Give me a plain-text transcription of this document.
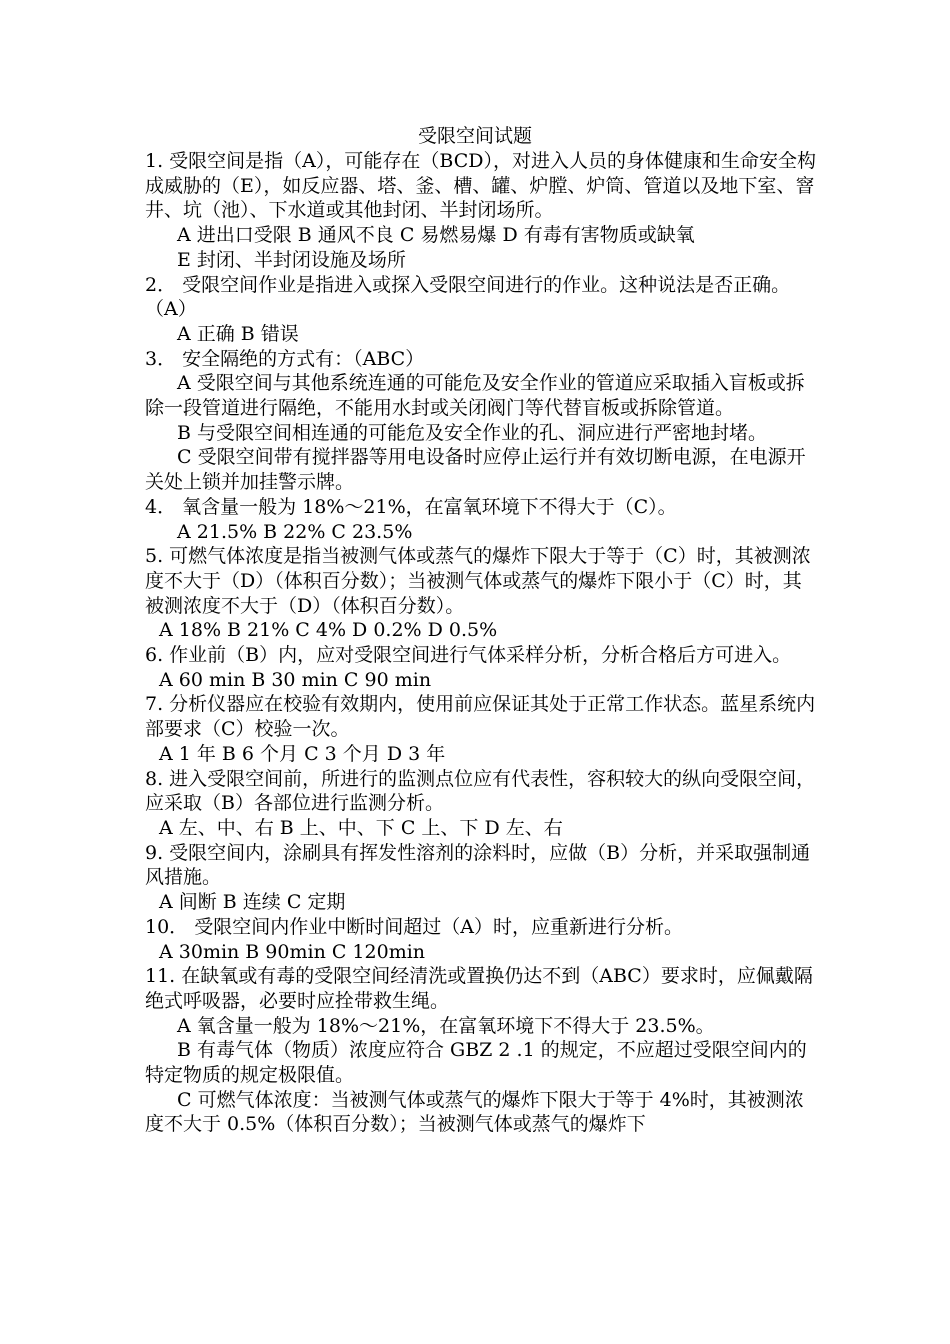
受限空间试题

1. 受限空间是指（A），可能存在（BCD），对进入人员的身体健康和生命安全构成威胁的（E），如反应器、塔、釜、槽、罐、炉膛、炉筒、管道以及地下室、窨井、坑（池）、下水道或其他封闭、半封闭场所。

A 进出口受限 B 通风不良 C 易燃易爆 D 有毒有害物质或缺氧

E 封闭、半封闭设施及场所

2． 受限空间作业是指进入或探入受限空间进行的作业。这种说法是否正确。（A）

A 正确 B 错误

3． 安全隔绝的方式有：（ABC）

A 受限空间与其他系统连通的可能危及安全作业的管道应采取插入盲板或拆除一段管道进行隔绝，不能用水封或关闭阀门等代替盲板或拆除管道。

B 与受限空间相连通的可能危及安全作业的孔、洞应进行严密地封堵。

C 受限空间带有搅拌器等用电设备时应停止运行并有效切断电源，在电源开关处上锁并加挂警示牌。

4． 氧含量一般为 18%～21%，在富氧环境下不得大于（C）。

A 21.5% B 22% C 23.5%

5. 可燃气体浓度是指当被测气体或蒸气的爆炸下限大于等于（C）时，其被测浓度不大于（D）（体积百分数）；当被测气体或蒸气的爆炸下限小于（C）时，其被测浓度不大于（D）（体积百分数）。

A 18% B 21% C 4% D 0.2% D 0.5%

6. 作业前（B）内，应对受限空间进行气体采样分析，分析合格后方可进入。

A 60 min B 30 min C 90 min

7. 分析仪器应在校验有效期内，使用前应保证其处于正常工作状态。蓝星系统内部要求（C）校验一次。

A 1 年 B 6 个月 C 3 个月 D 3 年

8. 进入受限空间前，所进行的监测点位应有代表性，容积较大的纵向受限空间，应采取（B）各部位进行监测分析。

A 左、中、右 B 上、中、下 C 上、下 D 左、右

9. 受限空间内，涂刷具有挥发性溶剂的涂料时，应做（B）分析，并采取强制通风措施。

A 间断 B 连续 C 定期

10． 受限空间内作业中断时间超过（A）时，应重新进行分析。

A 30min B 90min C 120min

11. 在缺氧或有毒的受限空间经清洗或置换仍达不到（ABC）要求时，应佩戴隔绝式呼吸器，必要时应拴带救生绳。

A 氧含量一般为 18%～21%，在富氧环境下不得大于 23.5%。

B 有毒气体（物质）浓度应符合 GBZ 2 .1 的规定，不应超过受限空间内的特定物质的规定极限值。

C 可燃气体浓度：当被测气体或蒸气的爆炸下限大于等于 4%时，其被测浓度不大于 0.5%（体积百分数）；当被测气体或蒸气的爆炸下
